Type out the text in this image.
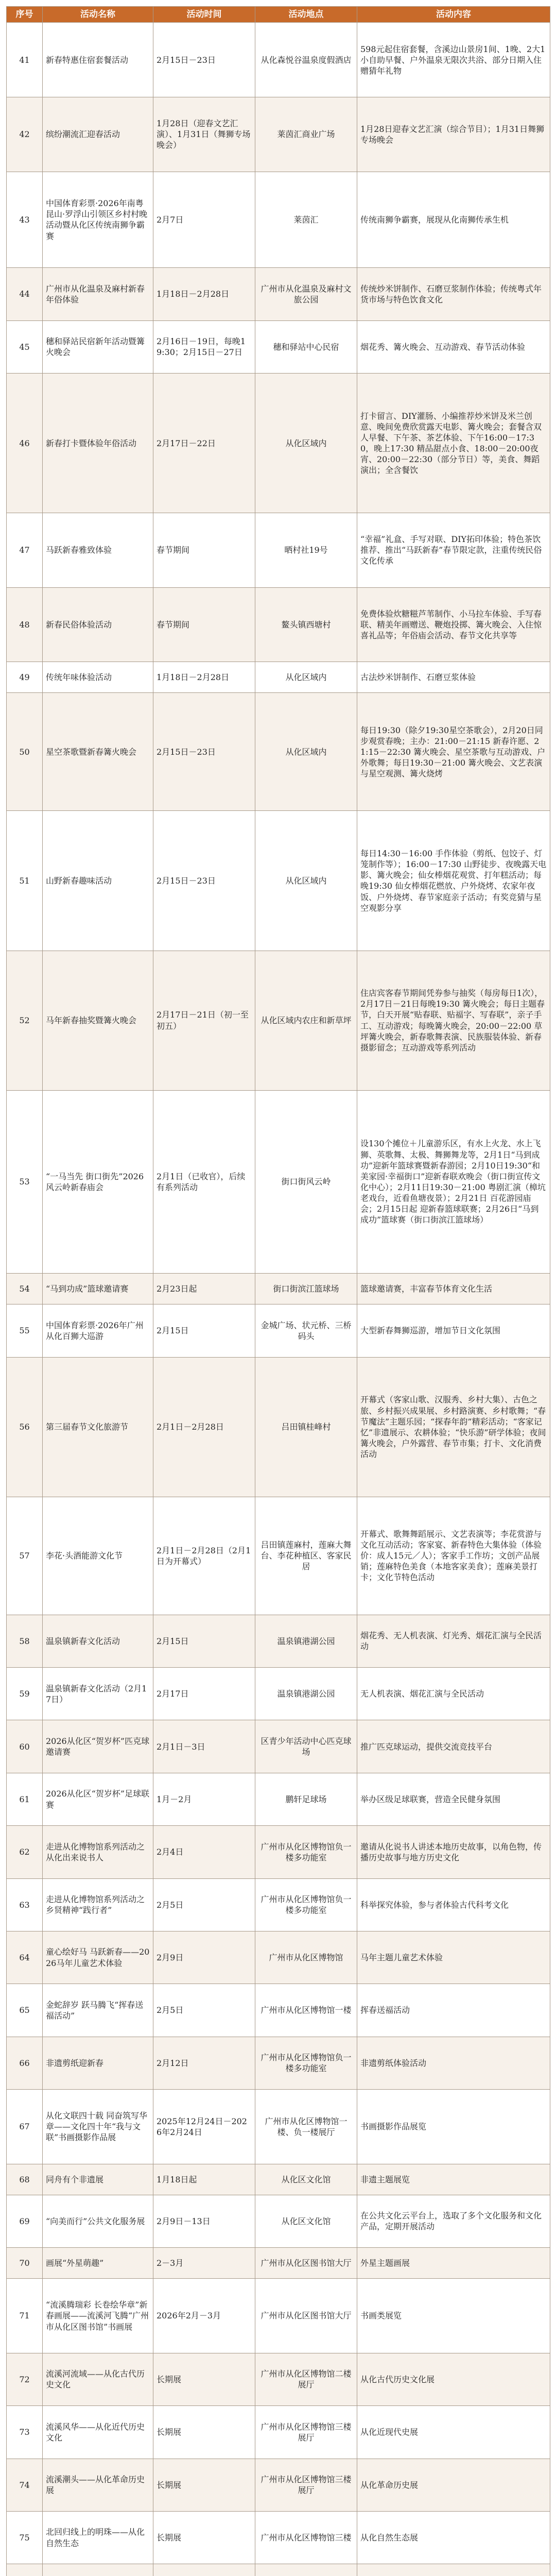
序号	活动名称	活动时间	活动地点	活动内容
41	新春特惠住宿套餐活动	2月15日－23日	从化森悦谷温泉度假酒店	598元起住宿套餐，含溪边山景房1间、1晚、2大1小自助早餐、户外温泉无限次共浴、部分日期入住赠猜年礼物
42	缤纷潮流汇迎春活动	1月28日（迎春文艺汇演）、1月31日（舞狮专场晚会）	莱茵汇商业广场	1月28日迎春文艺汇演（综合节目）；1月31日舞狮专场晚会
43	中国体育彩票·2026年南粤昆山·罗浮山引领区乡村村晚活动暨从化区传统南狮争霸赛	2月7日	莱茵汇	传统南狮争霸赛，展现从化南狮传承生机
44	广州市从化温泉及麻村新春年俗体验	1月18日－2月28日	广州市从化温泉及麻村文旅公园	传统炒米饼制作、石磨豆浆制作体验；传统粤式年货市场与特色饮食文化
45	穗和驿站民宿新年活动暨篝火晚会	2月16日－19日，每晚19:30；2月15日－27日	穗和驿站中心民宿	烟花秀、篝火晚会、互动游戏、春节活动体验
46	新春打卡暨体验年俗活动	2月17日－22日	从化区域内	打卡留言、DIY灌肠、小编推荐炒米饼及米兰创意、晚间免费欣赏露天电影、篝火晚会；套餐含双人早餐、下午茶、茶艺体验、下午16:00－17:30，晚上17:30 精品甜点小食、18:00－20:00夜宵、20:00－22:30（部分节日）等，美食、舞蹈演出；全含餐饮
47	马跃新春雅致体验	春节期间	晒村社19号	“幸福”礼盒、手写对联、DIY拓印体验；特色茶饮推荐、推出“马跃新春”春节限定款，注重传统民俗文化传承
48	新春民俗体验活动	春节期间	鳌头镇西塘村	免费体验炊糖糍芦苇制作、小马拉车体验、手写春联、精美年画赠送、鞭炮投掷、篝火晚会、入住惊喜礼品等；年俗庙会活动、春节文化共享等
49	传统年味体验活动	1月18日－2月28日	从化区域内	古法炒米饼制作、石磨豆浆体验
50	星空茶歌暨新春篝火晚会	2月15日－23日	从化区域内	每日19:30（除夕19:30星空茶歌会），2月20日同步观赏春晚；主办：21:00－21:15 新春许愿、21:15－22:30 篝火晚会、星空茶歌与互动游戏、户外歌舞；每日19:30－21:00 篝火晚会、文艺表演与星空观测、篝火烧烤
51	山野新春趣味活动	2月15日－23日	从化区域内	每日14:30－16:00 手作体验（剪纸、包饺子、灯笼制作等）；16:00－17:30 山野徒步、夜晚露天电影、篝火晚会；仙女棒烟花观赏、打年糕活动；每晚19:30 仙女棒烟花燃放、户外烧烤、农家年夜饭、户外烧烤、春节家庭亲子活动；有奖竞猜与星空观影分享
52	马年新春抽奖暨篝火晚会	2月17日－21日（初一至初五）	从化区域内农庄和新草坪	住店宾客春节期间凭券参与抽奖（每房每日1次），2月17日－21日每晚19:30 篝火晚会；每日主题春节，白天开展“贴春联、贴福字、写春联”，亲子手工、互动游戏；每晚篝火晚会，20:00－22:00 草坪篝火晚会，新春歌舞表演、民族服装体验、新春摄影留念；互动游戏等系列活动
53	“一马当先 街口街先”2026风云岭新春庙会	2月1日（已收官），后续有系列活动	街口街风云岭	设130个摊位＋儿童游乐区，有水上火龙、水上飞狮、英歌舞、太极、舞狮舞龙等，2月1日“马到成功”迎新年篮球赛暨新春游园；2月10日19:30“和美家园·幸福街口”迎新春联欢晚会（街口街宣传文化中心）；2月11日19:30－21:00 粤剧汇演（樟坑老戏台，近看鱼塘夜景）；2月21日 百花游园庙会；2月15日起 迎新春篮球联赛；2月26日“马到成功”篮球赛（街口街滨江篮球场）
54	“马到功成”篮球邀请赛	2月23日起	街口街滨江篮球场	篮球邀请赛，丰富春节体育文化生活
55	中国体育彩票·2026年广州从化百狮大巡游	2月15日	金城广场、状元桥、三桥码头	大型新春舞狮巡游，增加节日文化氛围
56	第三届春节文化旅游节	2月1日－2月28日	吕田镇桂峰村	开幕式（客家山歌、汉服秀、乡村大集）、古色之旅、乡村振兴成果展、乡村路演赛、乡村歌舞；“春节魔法”主题乐园；“探春年韵”精彩活动；“客家记忆”非遗展示、农耕体验；“快乐游”研学体验；夜间篝火晚会，户外露营、春节市集；打卡、文化消费活动
57	李花·头酒能游文化节	2月1日－2月28日（2月1日为开幕式）	吕田镇莲麻村，莲麻大舞台、李花种植区、客家民居	开幕式、歌舞舞蹈展示、文艺表演等；李花赏游与文化互动活动；客家宴、新春特色大集体验（体验价：成人15元／人）；客家手工作坊；文创产品展销；莲麻特色美食（本地客家美食）；莲麻美景打卡；文化节特色活动
58	温泉镇新春文化活动	2月15日	温泉镇港湖公园	烟花秀、无人机表演、灯光秀、烟花汇演与全民活动
59	温泉镇新春文化活动（2月17日）	2月17日	温泉镇港湖公园	无人机表演、烟花汇演与全民活动
60	2026从化区“贺岁杯”匹克球邀请赛	2月1日－3日	区青少年活动中心匹克球场	推广匹克球运动，提供交流竞技平台
61	2026从化区“贺岁杯”足球联赛	1月－2月	鹏轩足球场	举办区级足球联赛，营造全民健身氛围
62	走进从化博物馆系列活动之从化出来说书人	2月4日	广州市从化区博物馆负一楼多功能室	邀请从化说书人讲述本地历史故事，以角色物，传播历史故事与地方历史文化
63	走进从化博物馆系列活动之乡贤精神“践行者”	2月5日	广州市从化区博物馆负一楼多功能室	科举探究体验，参与者体验古代科考文化
64	童心绘好马 马跃新春——2026马年儿童艺术体验	2月9日	广州市从化区博物馆	马年主题儿童艺术体验
65	金蛇辞岁 跃马腾飞“挥春送福活动”	2月5日	广州市从化区博物馆一楼	挥春送福活动
66	非遗剪纸迎新春	2月12日	广州市从化区博物馆负一楼多功能室	非遗剪纸体验活动
67	从化文联四十载 同奋筑写华章——文化四十年“我与文联”书画摄影作品展	2025年12月24日－2026年2月24日	广州市从化区博物馆一楼、负一楼展厅	书画摄影作品展览
68	同舟有个非遗展	1月18日起	从化区文化馆	非遗主题展览
69	“向美而行”公共文化服务展	2月9日－13日	从化区文化馆	在公共文化云平台上，选取了多个文化服务和文化产品，定期开展活动
70	画展“外星萌趣”	2－3月	广州市从化区图书馆大厅	外星主题画展
71	“流溪腾瑞彩 长卷绘华章”新春画展——流溪河飞腾“广州市从化区图书馆”书画展	2026年2月－3月	广州市从化区图书馆大厅	书画类展览
72	流溪河流域——从化古代历史文化	长期展	广州市从化区博物馆二楼展厅	从化古代历史文化展
73	流溪风华——从化近代历史文化	长期展	广州市从化区博物馆三楼展厅	从化近现代史展
74	流溪潮头——从化革命历史展	长期展	广州市从化区博物馆三楼展厅	从化革命历史展
75	北回归线上的明珠——从化自然生态	长期展	广州市从化区博物馆三楼	从化自然生态展
